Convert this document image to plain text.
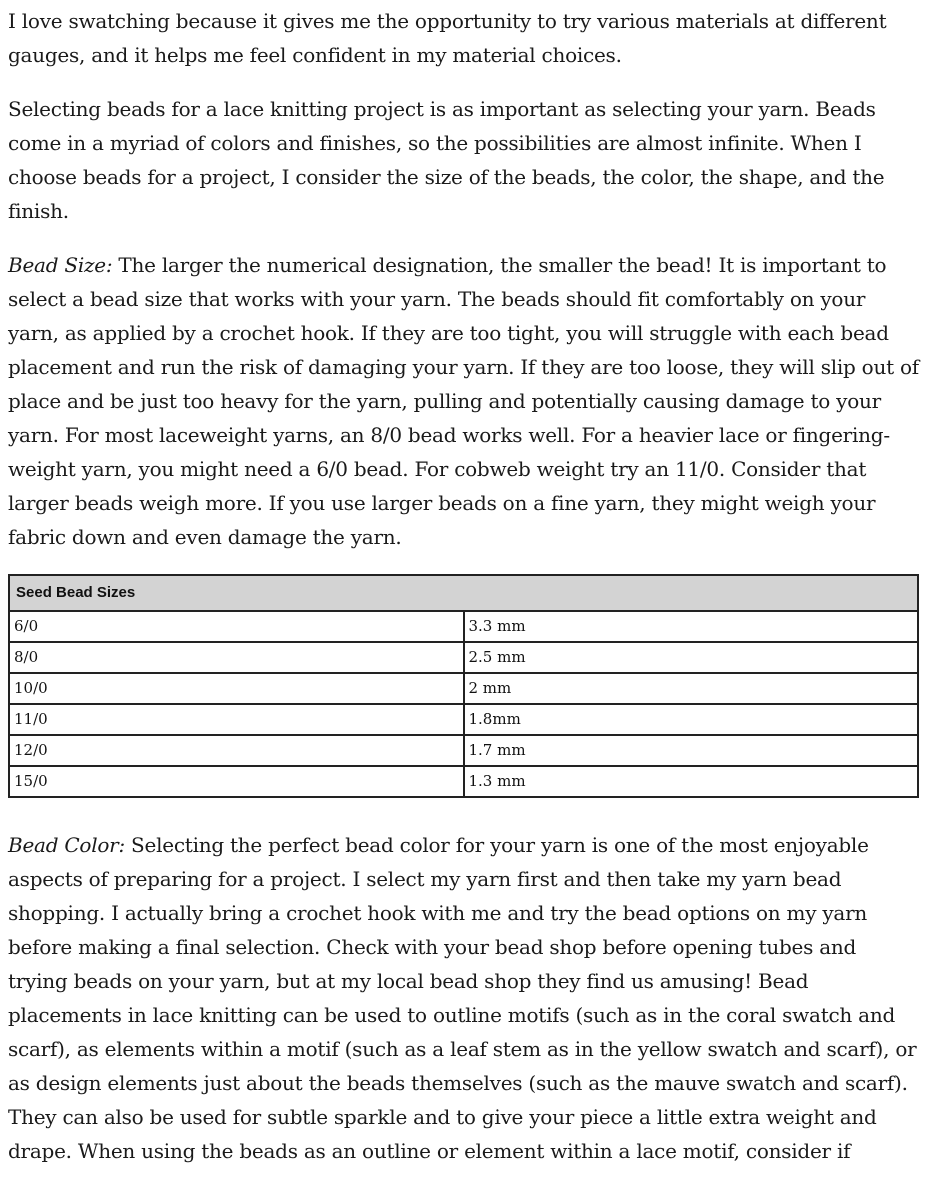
I love swatching because it gives me the opportunity to try various materials at different gauges, and it helps me feel confident in my material choices.

Selecting beads for a lace knitting project is as important as selecting your yarn. Beads come in a myriad of colors and finishes, so the possibilities are almost infinite. When I choose beads for a project, I consider the size of the beads, the color, the shape, and the finish.

Bead Size: The larger the numerical designation, the smaller the bead! It is important to select a bead size that works with your yarn. The beads should fit comfortably on your yarn, as applied by a crochet hook. If they are too tight, you will struggle with each bead placement and run the risk of damaging your yarn. If they are too loose, they will slip out of place and be just too heavy for the yarn, pulling and potentially causing damage to your yarn. For most laceweight yarns, an 8/0 bead works well. For a heavier lace or fingering-weight yarn, you might need a 6/0 bead. For cobweb weight try an 11/0. Consider that larger beads weigh more. If you use larger beads on a fine yarn, they might weigh your fabric down and even damage the yarn.

Seed Bead Sizes	
6/0	3.3 mm
8/0	2.5 mm
10/0	2 mm
11/0	1.8mm
12/0	1.7 mm
15/0	1.3 mm

Bead Color: Selecting the perfect bead color for your yarn is one of the most enjoyable aspects of preparing for a project. I select my yarn first and then take my yarn bead shopping. I actually bring a crochet hook with me and try the bead options on my yarn before making a final selection. Check with your bead shop before opening tubes and trying beads on your yarn, but at my local bead shop they find us amusing! Bead placements in lace knitting can be used to outline motifs (such as in the coral swatch and scarf), as elements within a motif (such as a leaf stem as in the yellow swatch and scarf), or as design elements just about the beads themselves (such as the mauve swatch and scarf). They can also be used for subtle sparkle and to give your piece a little extra weight and drape. When using the beads as an outline or element within a lace motif, consider if
